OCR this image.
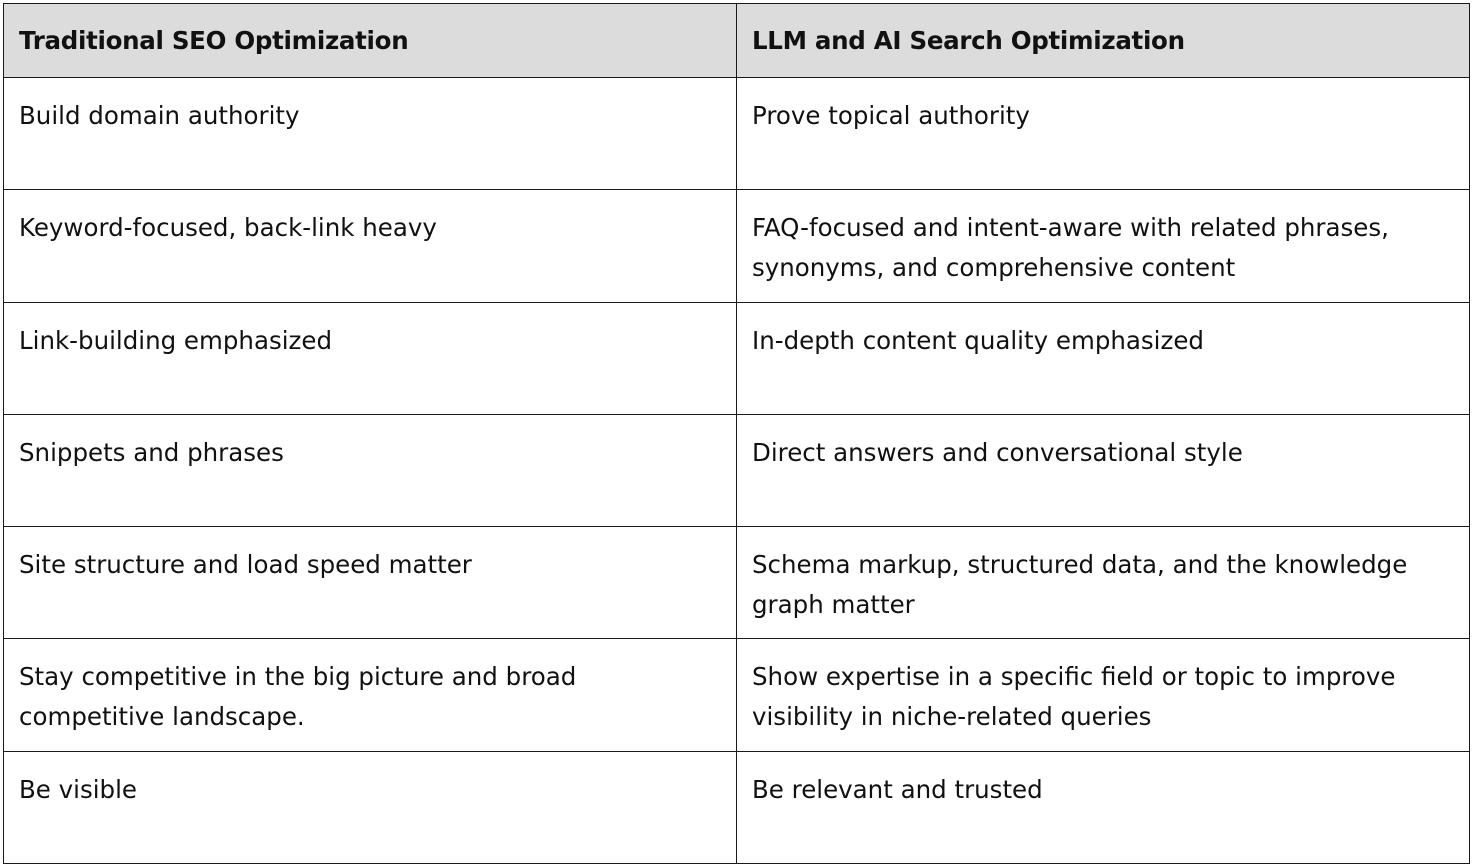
Traditional SEO Optimization	LLM and AI Search Optimization
Build domain authority	Prove topical authority
Keyword-focused, back-link heavy	FAQ-focused and intent-aware with related phrases, synonyms, and comprehensive content
Link-building emphasized	In-depth content quality emphasized
Snippets and phrases	Direct answers and conversational style
Site structure and load speed matter	Schema markup, structured data, and the knowledge graph matter
Stay competitive in the big picture and broad competitive landscape.	Show expertise in a specific field or topic to improve visibility in niche-related queries
Be visible	Be relevant and trusted
